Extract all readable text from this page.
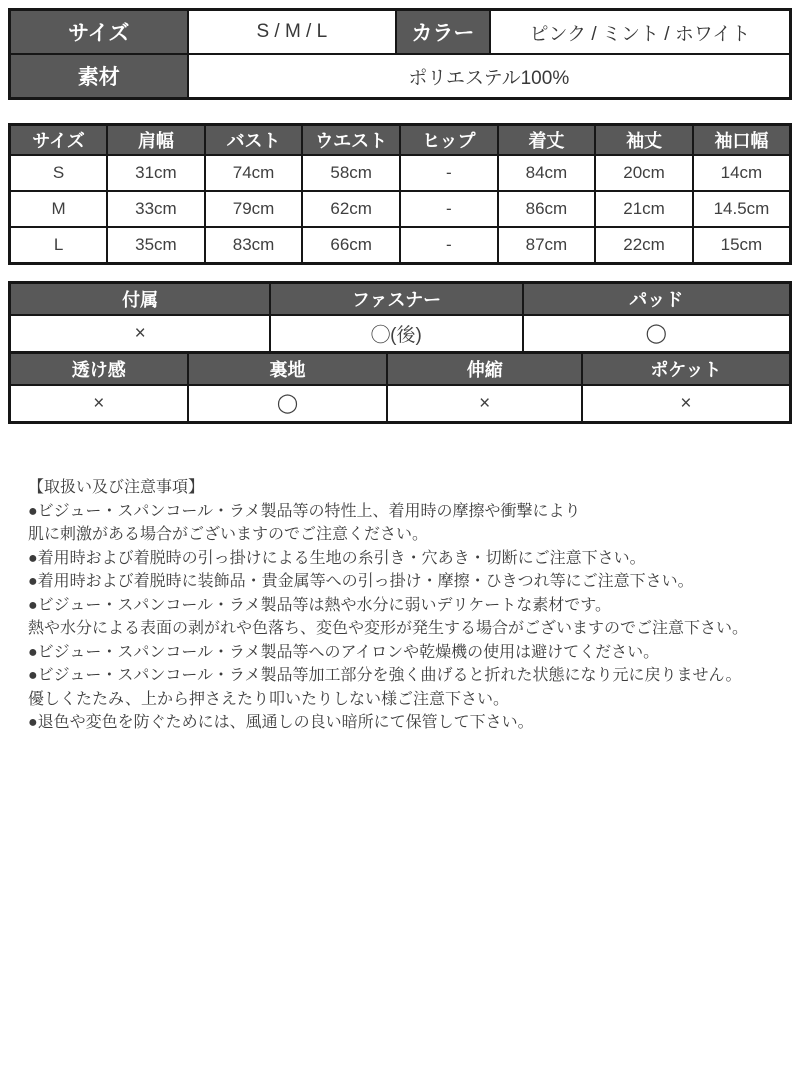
サイズ	S / M / L	カラー	ピンク / ミント / ホワイト
素材	ポリエステル100%		
サイズ	肩幅	バスト	ウエスト	ヒップ	着丈	袖丈	袖口幅
S	31cm	74cm	58cm	-	84cm	20cm	14cm
M	33cm	79cm	62cm	-	86cm	21cm	14.5cm
L	35cm	83cm	66cm	-	87cm	22cm	15cm
付属	ファスナー	パッド
×	◯(後)	◯
透け感	裏地	伸縮	ポケット
×	◯	×	×
【取扱い及び注意事項】
●ビジュー・スパンコール・ラメ製品等の特性上、着用時の摩擦や衝撃により
肌に刺激がある場合がございますのでご注意ください。
●着用時および着脱時の引っ掛けによる生地の糸引き・穴あき・切断にご注意下さい。
●着用時および着脱時に装飾品・貴金属等への引っ掛け・摩擦・ひきつれ等にご注意下さい。
●ビジュー・スパンコール・ラメ製品等は熱や水分に弱いデリケートな素材です。
熱や水分による表面の剥がれや色落ち、変色や変形が発生する場合がございますのでご注意下さい。
●ビジュー・スパンコール・ラメ製品等へのアイロンや乾燥機の使用は避けてください。
●ビジュー・スパンコール・ラメ製品等加工部分を強く曲げると折れた状態になり元に戻りません。
優しくたたみ、上から押さえたり叩いたりしない様ご注意下さい。
●退色や変色を防ぐためには、風通しの良い暗所にて保管して下さい。
